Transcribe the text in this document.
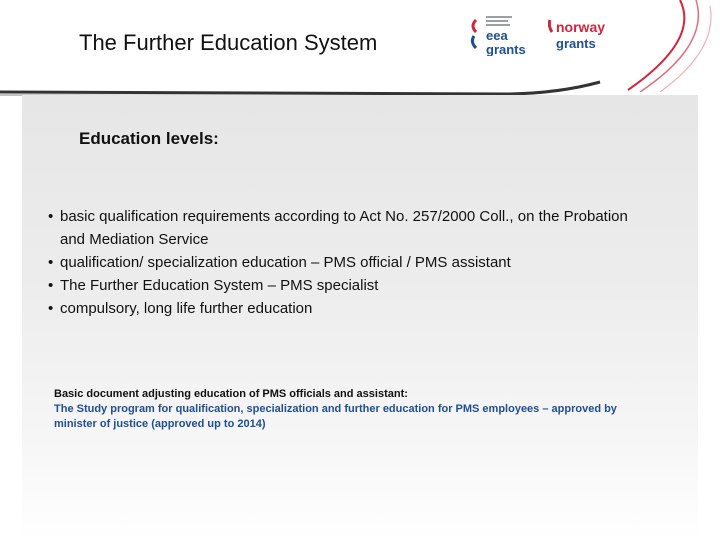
The Further Education System	eea
grants
norway
grants
Education levels:
• basic qualification requirements according to Act No. 257/2000 Coll., on the Probation and Mediation Service
• qualification/ specialization education – PMS official / PMS assistant
• The Further Education System – PMS specialist
• compulsory, long life further education
Basic document adjusting education of PMS officials and assistant:
The Study program for qualification, specialization and further education for PMS employees – approved by minister of justice (approved up to 2014)
